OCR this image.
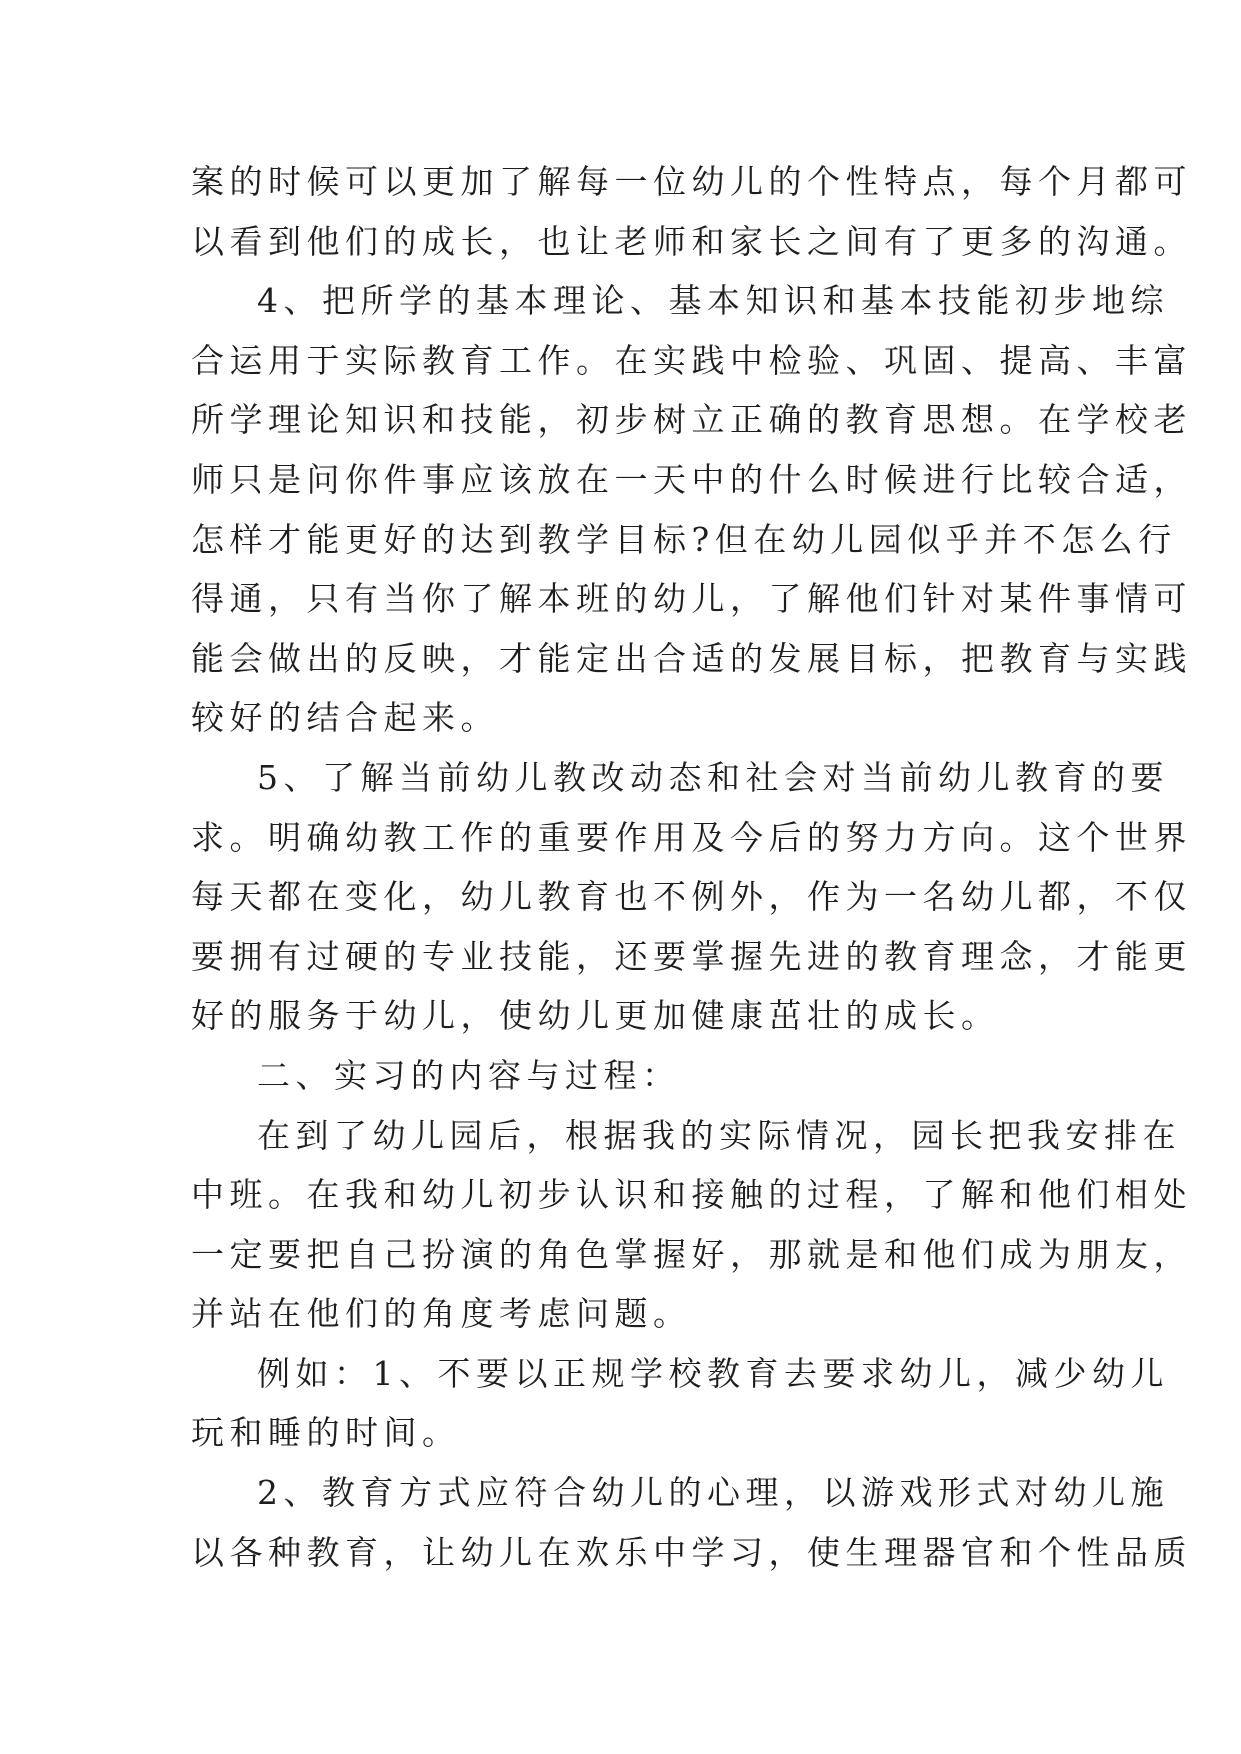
案的时候可以更加了解每一位幼儿的个性特点，每个月都可
以看到他们的成长，也让老师和家长之间有了更多的沟通。
4、把所学的基本理论、基本知识和基本技能初步地综
合运用于实际教育工作。在实践中检验、巩固、提高、丰富
所学理论知识和技能，初步树立正确的教育思想。在学校老
师只是问你件事应该放在一天中的什么时候进行比较合适，
怎样才能更好的达到教学目标?但在幼儿园似乎并不怎么行
得通，只有当你了解本班的幼儿，了解他们针对某件事情可
能会做出的反映，才能定出合适的发展目标，把教育与实践
较好的结合起来。
5、了解当前幼儿教改动态和社会对当前幼儿教育的要
求。明确幼教工作的重要作用及今后的努力方向。这个世界
每天都在变化，幼儿教育也不例外，作为一名幼儿都，不仅
要拥有过硬的专业技能，还要掌握先进的教育理念，才能更
好的服务于幼儿，使幼儿更加健康茁壮的成长。
二、实习的内容与过程：
在到了幼儿园后，根据我的实际情况，园长把我安排在
中班。在我和幼儿初步认识和接触的过程，了解和他们相处
一定要把自己扮演的角色掌握好，那就是和他们成为朋友，
并站在他们的角度考虑问题。
例如：1、不要以正规学校教育去要求幼儿，减少幼儿
玩和睡的时间。
2、教育方式应符合幼儿的心理，以游戏形式对幼儿施
以各种教育，让幼儿在欢乐中学习，使生理器官和个性品质
